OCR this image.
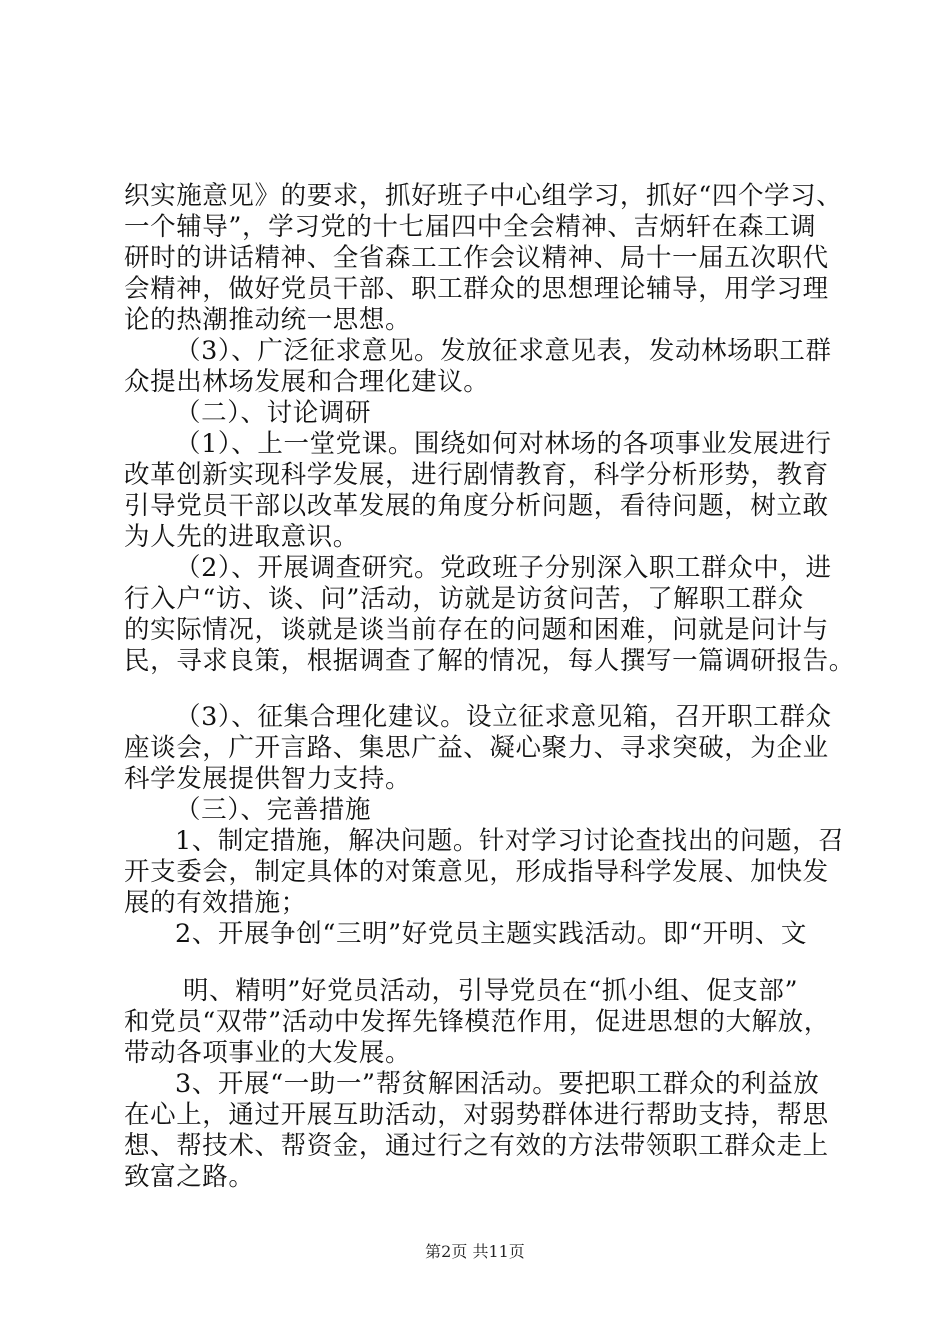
织实施意见》的要求，抓好班子中心组学习，抓好“四个学习、
一个辅导”，学习党的十七届四中全会精神、吉炳轩在森工调
研时的讲话精神、全省森工工作会议精神、局十一届五次职代
会精神，做好党员干部、职工群众的思想理论辅导，用学习理
论的热潮推动统一思想。
（3）、广泛征求意见。发放征求意见表，发动林场职工群
众提出林场发展和合理化建议。
（二）、讨论调研
（1）、上一堂党课。围绕如何对林场的各项事业发展进行
改革创新实现科学发展，进行剧情教育，科学分析形势，教育
引导党员干部以改革发展的角度分析问题，看待问题，树立敢
为人先的进取意识。
（2）、开展调查研究。党政班子分别深入职工群众中，进
行入户“访、谈、问”活动，访就是访贫问苦，了解职工群众
的实际情况，谈就是谈当前存在的问题和困难，问就是问计与
民，寻求良策，根据调查了解的情况，每人撰写一篇调研报告。
（3）、征集合理化建议。设立征求意见箱，召开职工群众
座谈会，广开言路、集思广益、凝心聚力、寻求突破，为企业
科学发展提供智力支持。
（三）、完善措施
1、制定措施，解决问题。针对学习讨论查找出的问题，召
开支委会，制定具体的对策意见，形成指导科学发展、加快发
展的有效措施；
2、开展争创“三明”好党员主题实践活动。即“开明、文
明、精明”好党员活动，引导党员在“抓小组、促支部”
和党员“双带”活动中发挥先锋模范作用，促进思想的大解放，
带动各项事业的大发展。
3、开展“一助一”帮贫解困活动。要把职工群众的利益放
在心上，通过开展互助活动，对弱势群体进行帮助支持，帮思
想、帮技术、帮资金，通过行之有效的方法带领职工群众走上
致富之路。
第2页 共11页
